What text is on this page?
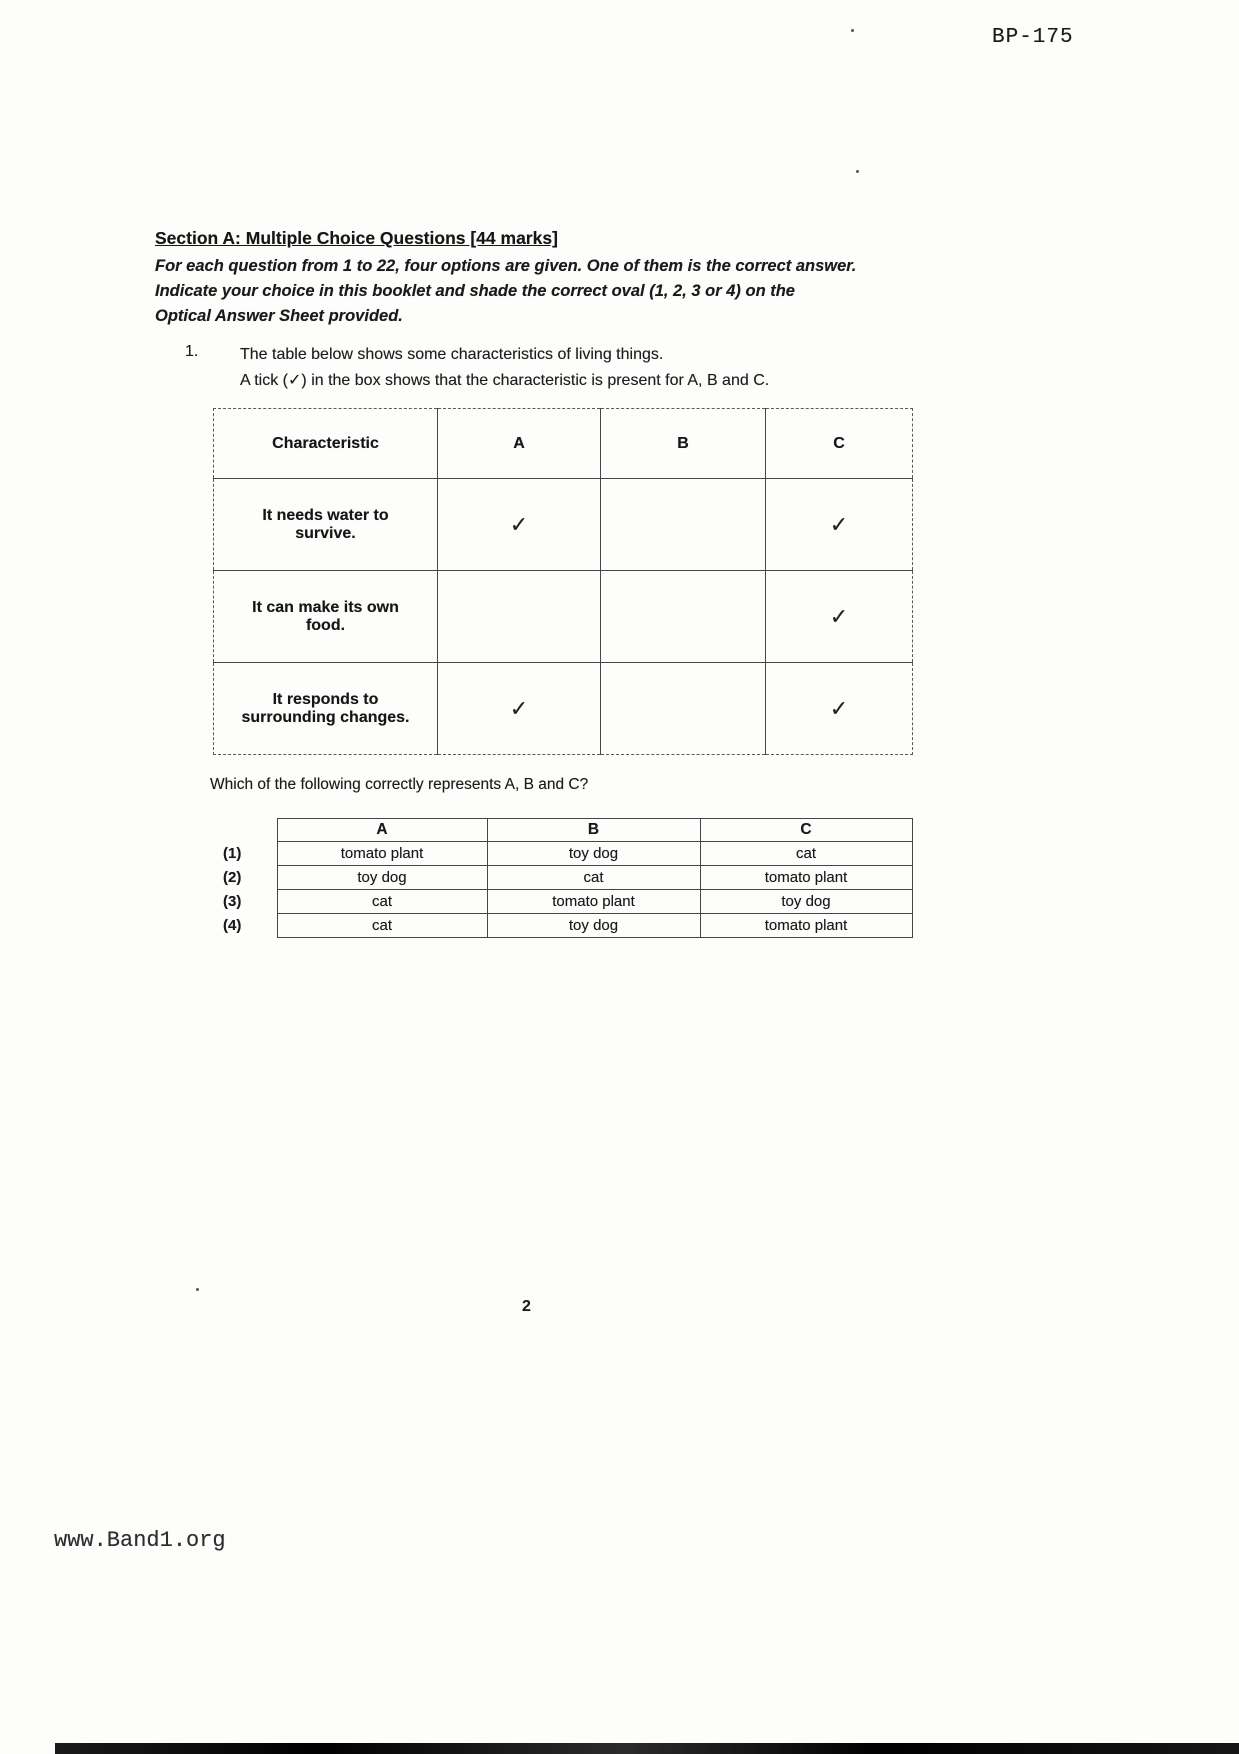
BP-175
Section A: Multiple Choice Questions [44 marks]
For each question from 1 to 22, four options are given. One of them is the correct answer.
Indicate your choice in this booklet and shade the correct oval (1, 2, 3 or 4) on the
Optical Answer Sheet provided.
1.	The table below shows some characteristics of living things.
A tick (✓) in the box shows that the characteristic is present for A, B and C.
Characteristic	A	B	C
It needs water to survive.	✓		✓
It can make its own food.			✓
It responds to surrounding changes.	✓		✓
Which of the following correctly represents A, B and C?
	A	B	C
(1)	tomato plant	toy dog	cat
(2)	toy dog	cat	tomato plant
(3)	cat	tomato plant	toy dog
(4)	cat	toy dog	tomato plant
2
www.Band1.org
